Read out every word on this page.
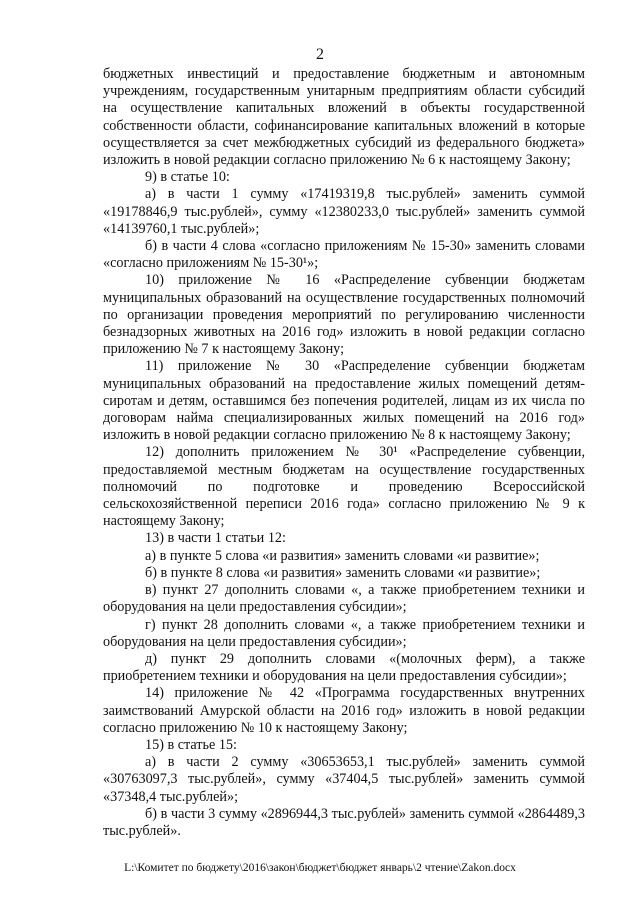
2

бюджетных инвестиций и предоставление бюджетным и автономным учреждениям, государственным унитарным предприятиям области субсидий на осуществление капитальных вложений в объекты государственной собственности области, софинансирование капитальных вложений в которые осуществляется за счет межбюджетных субсидий из федерального бюджета» изложить в новой редакции согласно приложению № 6 к настоящему Закону;

9) в статье 10:

а) в части 1 сумму «17419319,8 тыс.рублей» заменить суммой «19178846,9 тыс.рублей», сумму «12380233,0 тыс.рублей» заменить суммой «14139760,1 тыс.рублей»;

б) в части 4 слова «согласно приложениям № 15-30» заменить словами «согласно приложениям № 15-30¹»;

10) приложение № 16 «Распределение субвенции бюджетам муниципальных образований на осуществление государственных полномочий по организации проведения мероприятий по регулированию численности безнадзорных животных на 2016 год» изложить в новой редакции согласно приложению № 7 к настоящему Закону;

11) приложение № 30 «Распределение субвенции бюджетам муниципальных образований на предоставление жилых помещений детям-сиротам и детям, оставшимся без попечения родителей, лицам из их числа по договорам найма специализированных жилых помещений на 2016 год» изложить в новой редакции согласно приложению № 8 к настоящему Закону;

12) дополнить приложением № 30¹ «Распределение субвенции, предоставляемой местным бюджетам на осуществление государственных полномочий по подготовке и проведению Всероссийской сельскохозяйственной переписи 2016 года» согласно приложению № 9 к настоящему Закону;

13) в части 1 статьи 12:

а) в пункте 5 слова «и развития» заменить словами «и развитие»;

б) в пункте 8 слова «и развития» заменить словами «и развитие»;

в) пункт 27 дополнить словами «, а также приобретением техники и оборудования на цели предоставления субсидии»;

г) пункт 28 дополнить словами «, а также приобретением техники и оборудования на цели предоставления субсидии»;

д) пункт 29 дополнить словами «(молочных ферм), а также приобретением техники и оборудования на цели предоставления субсидии»;

14) приложение № 42 «Программа государственных внутренних заимствований Амурской области на 2016 год» изложить в новой редакции согласно приложению № 10 к настоящему Закону;

15) в статье 15:

а) в части 2 сумму «30653653,1 тыс.рублей» заменить суммой «30763097,3 тыс.рублей», сумму «37404,5 тыс.рублей» заменить суммой «37348,4 тыс.рублей»;

б) в части 3 сумму «2896944,3 тыс.рублей» заменить суммой «2864489,3 тыс.рублей».

L:\Комитет по бюджету\2016\закон\бюджет\бюджет январь\2 чтение\Zakon.docx
